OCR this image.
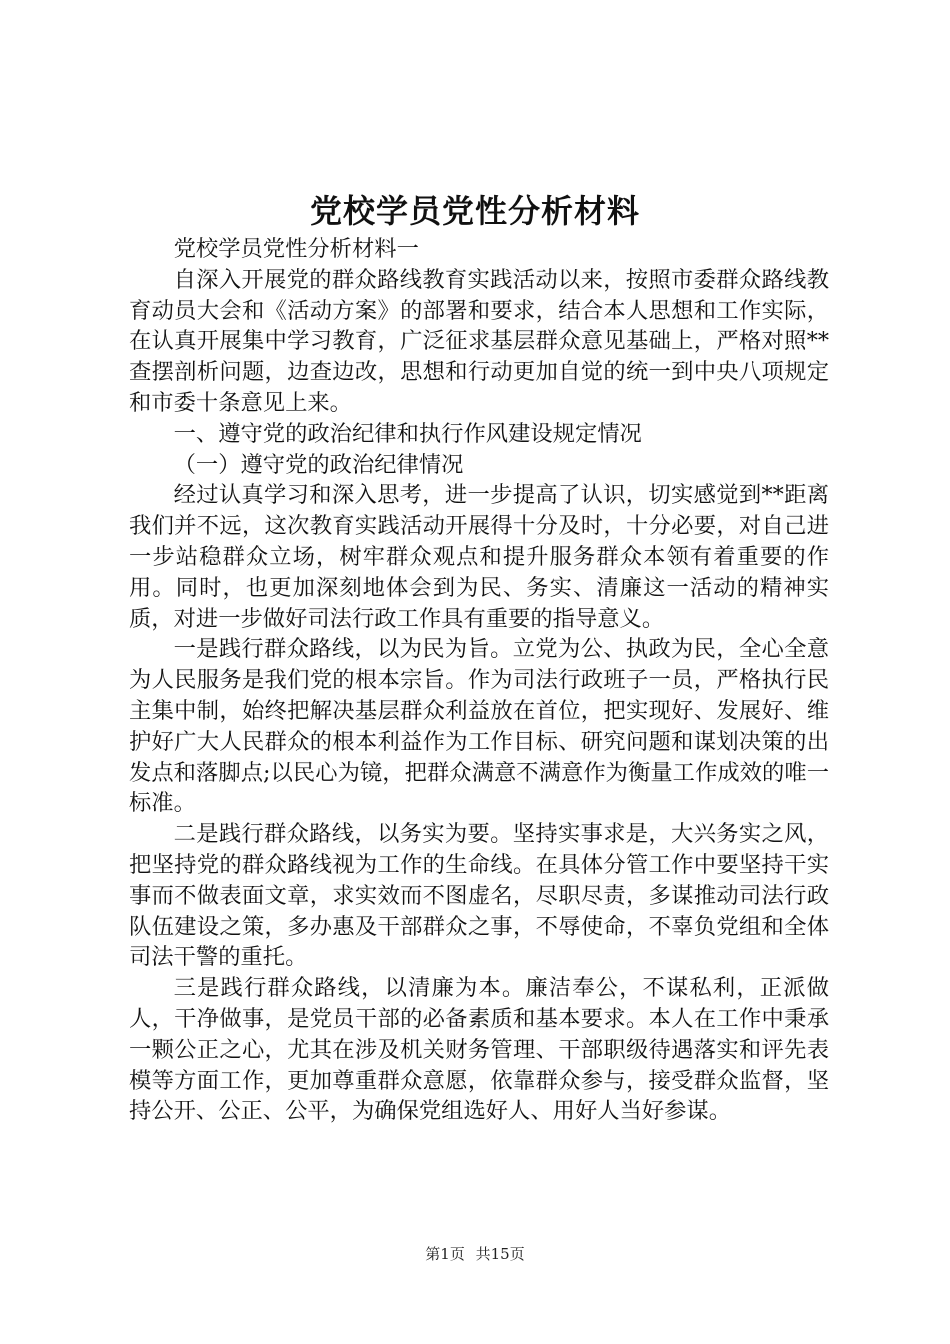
党校学员党性分析材料

党校学员党性分析材料一

自深入开展党的群众路线教育实践活动以来，按照市委群众路线教育动员大会和《活动方案》的部署和要求，结合本人思想和工作实际，在认真开展集中学习教育，广泛征求基层群众意见基础上，严格对照**查摆剖析问题，边查边改，思想和行动更加自觉的统一到中央八项规定和市委十条意见上来。

一、遵守党的政治纪律和执行作风建设规定情况

（一）遵守党的政治纪律情况

经过认真学习和深入思考，进一步提高了认识，切实感觉到**距离我们并不远，这次教育实践活动开展得十分及时，十分必要，对自己进一步站稳群众立场，树牢群众观点和提升服务群众本领有着重要的作用。同时，也更加深刻地体会到为民、务实、清廉这一活动的精神实质，对进一步做好司法行政工作具有重要的指导意义。

一是践行群众路线，以为民为旨。立党为公、执政为民，全心全意为人民服务是我们党的根本宗旨。作为司法行政班子一员，严格执行民主集中制，始终把解决基层群众利益放在首位，把实现好、发展好、维护好广大人民群众的根本利益作为工作目标、研究问题和谋划决策的出发点和落脚点;以民心为镜，把群众满意不满意作为衡量工作成效的唯一标准。

二是践行群众路线，以务实为要。坚持实事求是，大兴务实之风，把坚持党的群众路线视为工作的生命线。在具体分管工作中要坚持干实事而不做表面文章，求实效而不图虚名，尽职尽责，多谋推动司法行政队伍建设之策，多办惠及干部群众之事，不辱使命，不辜负党组和全体司法干警的重托。

三是践行群众路线，以清廉为本。廉洁奉公，不谋私利，正派做人，干净做事，是党员干部的必备素质和基本要求。本人在工作中秉承一颗公正之心，尤其在涉及机关财务管理、干部职级待遇落实和评先表模等方面工作，更加尊重群众意愿，依靠群众参与，接受群众监督，坚持公开、公正、公平，为确保党组选好人、用好人当好参谋。

第1页 共15页
